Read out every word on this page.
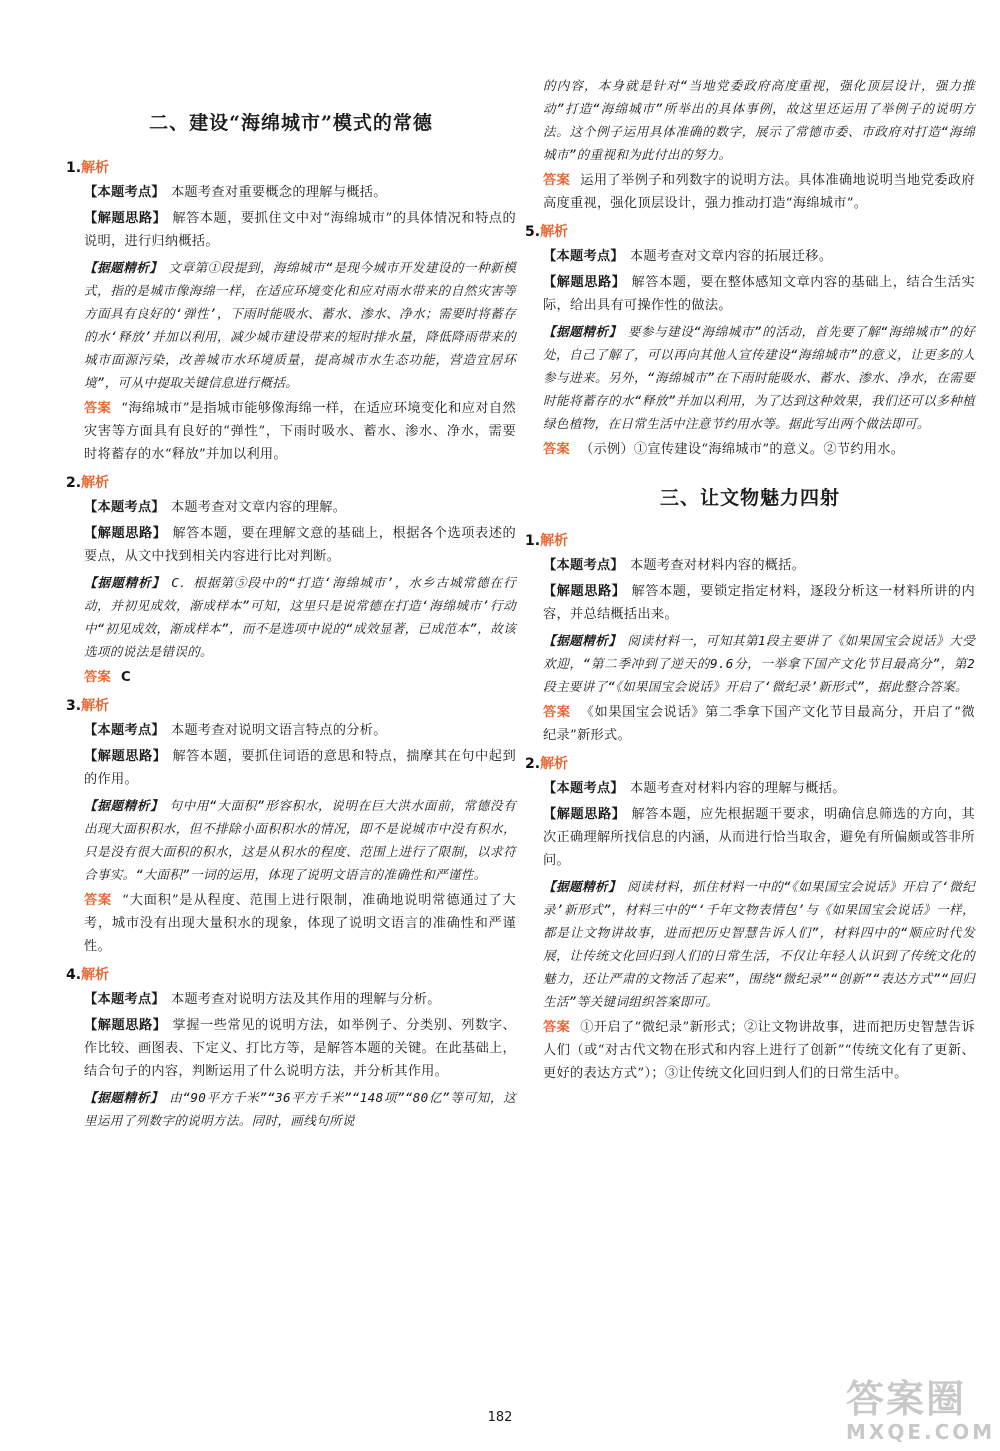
二、建设“海绵城市”模式的常德
1.解析
【本题考点】 本题考查对重要概念的理解与概括。
【解题思路】 解答本题，要抓住文中对“海绵城市”的具体情况和特点的说明，进行归纳概括。
【据题精析】 文章第①段提到，海绵城市“是现今城市开发建设的一种新模式，指的是城市像海绵一样，在适应环境变化和应对雨水带来的自然灾害等方面具有良好的‘弹性’，下雨时能吸水、蓄水、渗水、净水；需要时将蓄存的水‘释放’并加以利用，减少城市建设带来的短时排水量，降低降雨带来的城市面源污染，改善城市水环境质量，提高城市水生态功能，营造宜居环境”，可从中提取关键信息进行概括。
答案 “海绵城市”是指城市能够像海绵一样，在适应环境变化和应对自然灾害等方面具有良好的“弹性”，下雨时吸水、蓄水、渗水、净水，需要时将蓄存的水“释放”并加以利用。
2.解析
【本题考点】 本题考查对文章内容的理解。
【解题思路】 解答本题，要在理解文意的基础上，根据各个选项表述的要点，从文中找到相关内容进行比对判断。
【据题精析】 C．根据第⑤段中的“打造‘海绵城市’，水乡古城常德在行动，并初见成效，渐成样本”可知，这里只是说常德在打造‘海绵城市’行动中“初见成效，渐成样本”，而不是选项中说的“成效显著，已成范本”，故该选项的说法是错误的。
答案 C
3.解析
【本题考点】 本题考查对说明文语言特点的分析。
【解题思路】 解答本题，要抓住词语的意思和特点，揣摩其在句中起到的作用。
【据题精析】 句中用“大面积”形容积水，说明在巨大洪水面前，常德没有出现大面积积水，但不排除小面积积水的情况，即不是说城市中没有积水，只是没有很大面积的积水，这是从积水的程度、范围上进行了限制，以求符合事实。“大面积”一词的运用，体现了说明文语言的准确性和严谨性。
答案 “大面积”是从程度、范围上进行限制，准确地说明常德通过了大考，城市没有出现大量积水的现象，体现了说明文语言的准确性和严谨性。
4.解析
【本题考点】 本题考查对说明方法及其作用的理解与分析。
【解题思路】 掌握一些常见的说明方法，如举例子、分类别、列数字、作比较、画图表、下定义、打比方等，是解答本题的关键。在此基础上，结合句子的内容，判断运用了什么说明方法，并分析其作用。
【据题精析】 由“90平方千米”“36平方千米”“148项”“80亿”等可知，这里运用了列数字的说明方法。同时，画线句所说
的内容，本身就是针对“当地党委政府高度重视，强化顶层设计，强力推动”打造“海绵城市”所举出的具体事例，故这里还运用了举例子的说明方法。这个例子运用具体准确的数字，展示了常德市委、市政府对打造“海绵城市”的重视和为此付出的努力。
答案 运用了举例子和列数字的说明方法。具体准确地说明当地党委政府高度重视，强化顶层设计，强力推动打造“海绵城市”。
5.解析
【本题考点】 本题考查对文章内容的拓展迁移。
【解题思路】 解答本题，要在整体感知文章内容的基础上，结合生活实际，给出具有可操作性的做法。
【据题精析】 要参与建设“海绵城市”的活动，首先要了解“海绵城市”的好处，自己了解了，可以再向其他人宣传建设“海绵城市”的意义，让更多的人参与进来。另外，“海绵城市”在下雨时能吸水、蓄水、渗水、净水，在需要时能将蓄存的水“释放”并加以利用，为了达到这种效果，我们还可以多种植绿色植物，在日常生活中注意节约用水等。据此写出两个做法即可。
答案 （示例）①宣传建设“海绵城市”的意义。②节约用水。
三、让文物魅力四射
1.解析
【本题考点】 本题考查对材料内容的概括。
【解题思路】 解答本题，要锁定指定材料，逐段分析这一材料所讲的内容，并总结概括出来。
【据题精析】 阅读材料一，可知其第1段主要讲了《如果国宝会说话》大受欢迎，“第二季冲到了逆天的9.6分，一举拿下国产文化节目最高分”，第2段主要讲了“《如果国宝会说话》开启了‘微纪录’新形式”，据此整合答案。
答案 《如果国宝会说话》第二季拿下国产文化节目最高分，开启了“微纪录”新形式。
2.解析
【本题考点】 本题考查对材料内容的理解与概括。
【解题思路】 解答本题，应先根据题干要求，明确信息筛选的方向，其次正确理解所找信息的内涵，从而进行恰当取舍，避免有所偏颇或答非所问。
【据题精析】 阅读材料，抓住材料一中的“《如果国宝会说话》开启了‘微纪录’新形式”，材料三中的“‘千年文物表情包’与《如果国宝会说话》一样，都是让文物讲故事，进而把历史智慧告诉人们”，材料四中的“顺应时代发展，让传统文化回归到人们的日常生活，不仅让年轻人认识到了传统文化的魅力，还让严肃的文物活了起来”，围绕“微纪录”“创新”“表达方式”“回归生活”等关键词组织答案即可。
答案 ①开启了“微纪录”新形式；②让文物讲故事，进而把历史智慧告诉人们（或“对古代文物在形式和内容上进行了创新”“传统文化有了更新、更好的表达方式”）；③让传统文化回归到人们的日常生活中。
182	答案圈
MXQE.COM
